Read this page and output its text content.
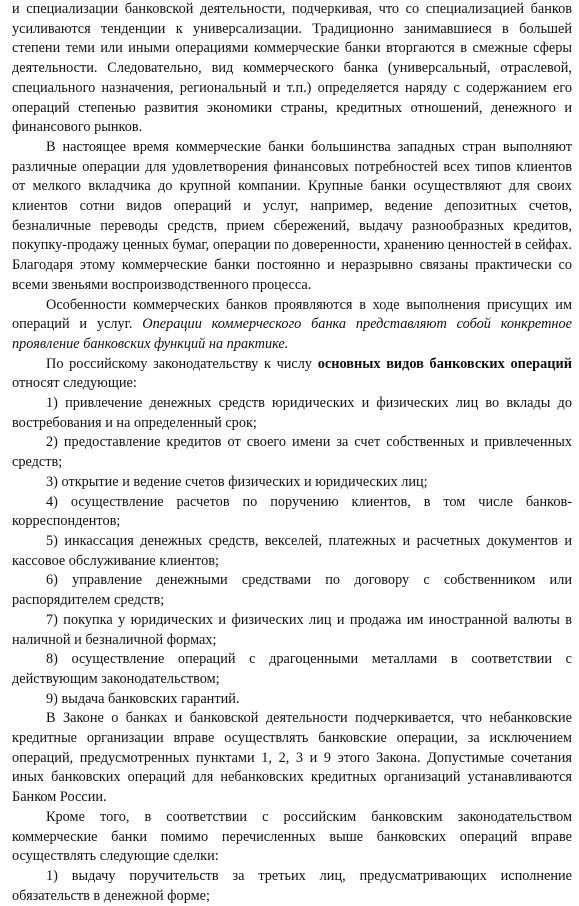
и специализации банковской деятельности, подчеркивая, что со специализацией банков усиливаются тенденции к универсализации. Традиционно занимавшиеся в большей степени теми или иными операциями коммерческие банки вторгаются в смежные сферы деятельности. Следовательно, вид коммерческого банка (универсальный, отраслевой, специального назначения, региональный и т.п.) определяется наряду с содержанием его операций степенью развития экономики страны, кредитных отношений, денежного и финансового рынков.

В настоящее время коммерческие банки большинства западных стран выполняют различные операции для удовлетворения финансовых потребностей всех типов клиентов от мелкого вкладчика до крупной компании. Крупные банки осуществляют для своих клиентов сотни видов операций и услуг, например, ведение депозитных счетов, безналичные переводы средств, прием сбережений, выдачу разнообразных кредитов, покупку-продажу ценных бумаг, операции по доверенности, хранению ценностей в сейфах. Благодаря этому коммерческие банки постоянно и неразрывно связаны практически со всеми звеньями воспроизводственного процесса.

Особенности коммерческих банков проявляются в ходе выполнения присущих им операций и услуг. Операции коммерческого банка представляют собой конкретное проявление банковских функций на практике.

По российскому законодательству к числу основных видов банковских операций относят следующие:

1) привлечение денежных средств юридических и физических лиц во вклады до востребования и на определенный срок;

2) предоставление кредитов от своего имени за счет собственных и привлеченных средств;

3) открытие и ведение счетов физических и юридических лиц;

4) осуществление расчетов по поручению клиентов, в том числе банков-корреспондентов;

5) инкассация денежных средств, векселей, платежных и расчетных документов и кассовое обслуживание клиентов;

6) управление денежными средствами по договору с собственником или распорядителем средств;

7) покупка у юридических и физических лиц и продажа им иностранной валюты в наличной и безналичной формах;

8) осуществление операций с драгоценными металлами в соответствии с действующим законодательством;

9) выдача банковских гарантий.

В Законе о банках и банковской деятельности подчеркивается, что небанковские кредитные организации вправе осуществлять банковские операции, за исключением операций, предусмотренных пунктами 1, 2, 3 и 9 этого Закона. Допустимые сочетания иных банковских операций для небанковских кредитных организаций устанавливаются Банком России.

Кроме того, в соответствии с российским банковским законодательством коммерческие банки помимо перечисленных выше банковских операций вправе осуществлять следующие сделки:

1) выдачу поручительств за третьих лиц, предусматривающих исполнение обязательств в денежной форме;
